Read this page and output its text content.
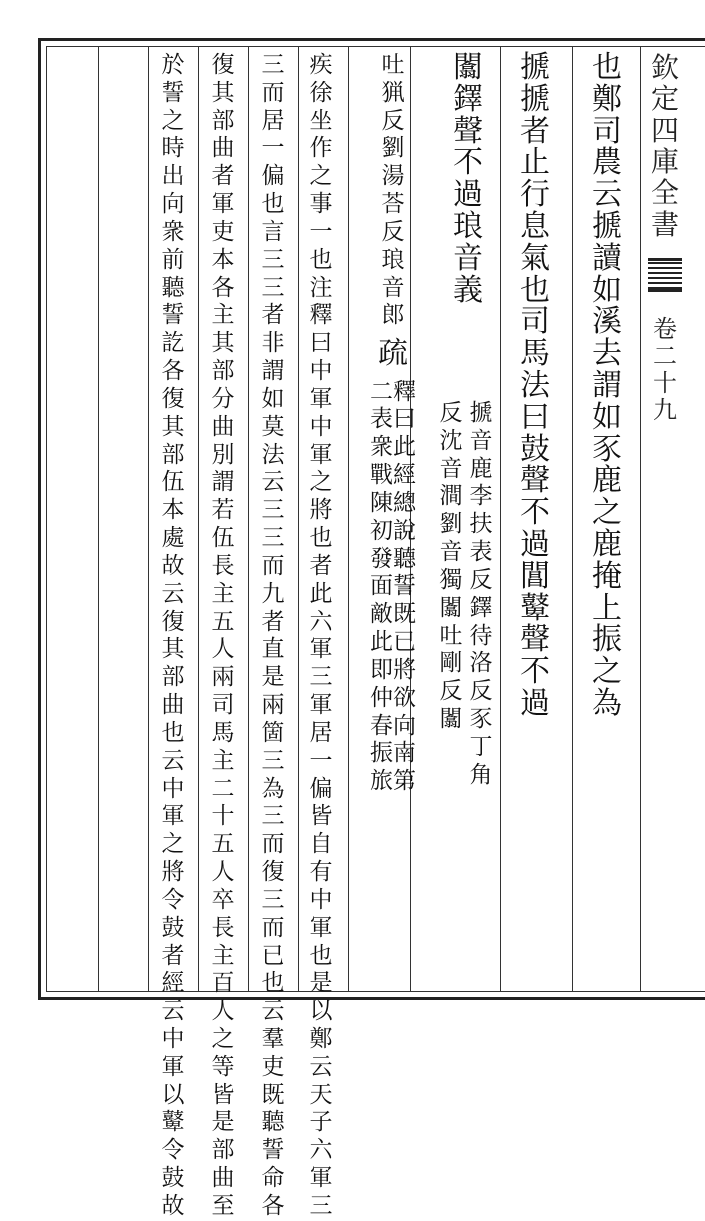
欽
定
四
庫
全
書
卷
二
十
九
也
鄭
司
農
云
搋
讀
如
溪
去
謂
如
豕
鹿
之
鹿
掩
上
振
之
為
搋
搋
者
止
行
息
氣
也
司
馬
法
曰
鼓
聲
不
過
閶
鼙
聲
不
過
闟
鐸
聲
不
過
琅
音
義
搋
音
鹿
李
扶
表
反
鐸
待
洛
反
豕
丁
角
反
沈
音
澗
劉
音
獨
闟
吐
剛
反
闟
吐
猟
反
劉
湯
荅
反
琅
音
郎
疏
釋
曰
此
經
總
說
聽
誓
既
已
將
欲
向
南
第
二
表
衆
戰
陳
初
發
面
敵
此
即
仲
春
振
旅
疾
徐
坐
作
之
事
一
也
注
釋
曰
中
軍
中
軍
之
將
也
者
此
六
軍
三
軍
居
一
偏
皆
自
有
中
軍
也
是
以
鄭
云
天
子
六
軍
三
三
而
居
一
偏
也
言
三
三
者
非
謂
如
莫
法
云
三
三
而
九
者
直
是
兩
箇
三
為
三
而
復
三
而
已
也
云
羣
吏
既
聽
誓
命
各
復
其
部
曲
者
軍
吏
本
各
主
其
部
分
曲
別
謂
若
伍
長
主
五
人
兩
司
馬
主
二
十
五
人
卒
長
主
百
人
之
等
皆
是
部
曲
至
於
誓
之
時
出
向
衆
前
聽
誓
訖
各
復
其
部
伍
本
處
故
云
復
其
部
曲
也
云
中
軍
之
將
令
鼓
者
經
云
中
軍
以
鼙
令
鼓
故
